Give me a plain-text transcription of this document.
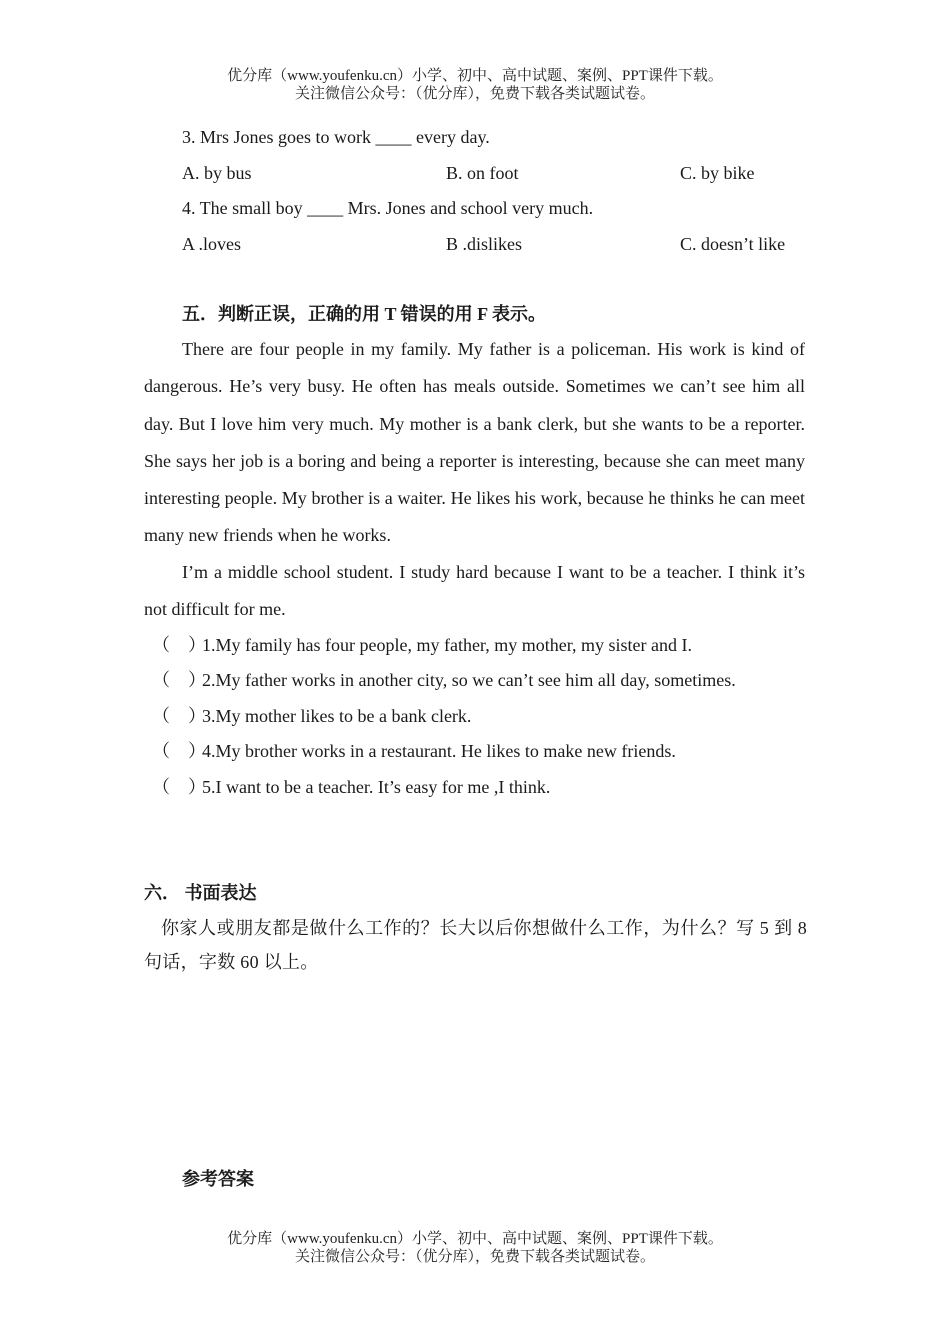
优分库（www.youfenku.cn）小学、初中、高中试题、案例、PPT课件下载。
关注微信公众号：（优分库），免费下载各类试题试卷。
3. Mrs Jones goes to work ____ every day.
A. by bus	B. on foot	C. by bike
4. The small boy ____ Mrs. Jones and school very much.
A .loves	B .dislikes	C. doesn’t like
五．判断正误，正确的用 T 错误的用 F 表示。
There are four people in my family. My father is a policeman. His work is kind of dangerous. He’s very busy. He often has meals outside. Sometimes we can’t see him all day. But I love him very much. My mother is a bank clerk, but she wants to be a reporter. She says her job is a boring and being a reporter is interesting, because she can meet many interesting people. My brother is a waiter. He likes his work, because he thinks he can meet many new friends when he works.
I’m a middle school student. I study hard because I want to be a teacher. I think it’s not difficult for me.
（　）1.My family has four people, my father, my mother, my sister and I.
（　）2.My father works in another city, so we can’t see him all day, sometimes.
（　）3.My mother likes to be a bank clerk.
（　）4.My brother works in a restaurant. He likes to make new friends.
（　）5.I want to be a teacher. It’s easy for me ,I think.
六． 书面表达
你家人或朋友都是做什么工作的？长大以后你想做什么工作，为什么？写 5 到 8 句话，字数 60 以上。
参考答案
优分库（www.youfenku.cn）小学、初中、高中试题、案例、PPT课件下载。
关注微信公众号：（优分库），免费下载各类试题试卷。
